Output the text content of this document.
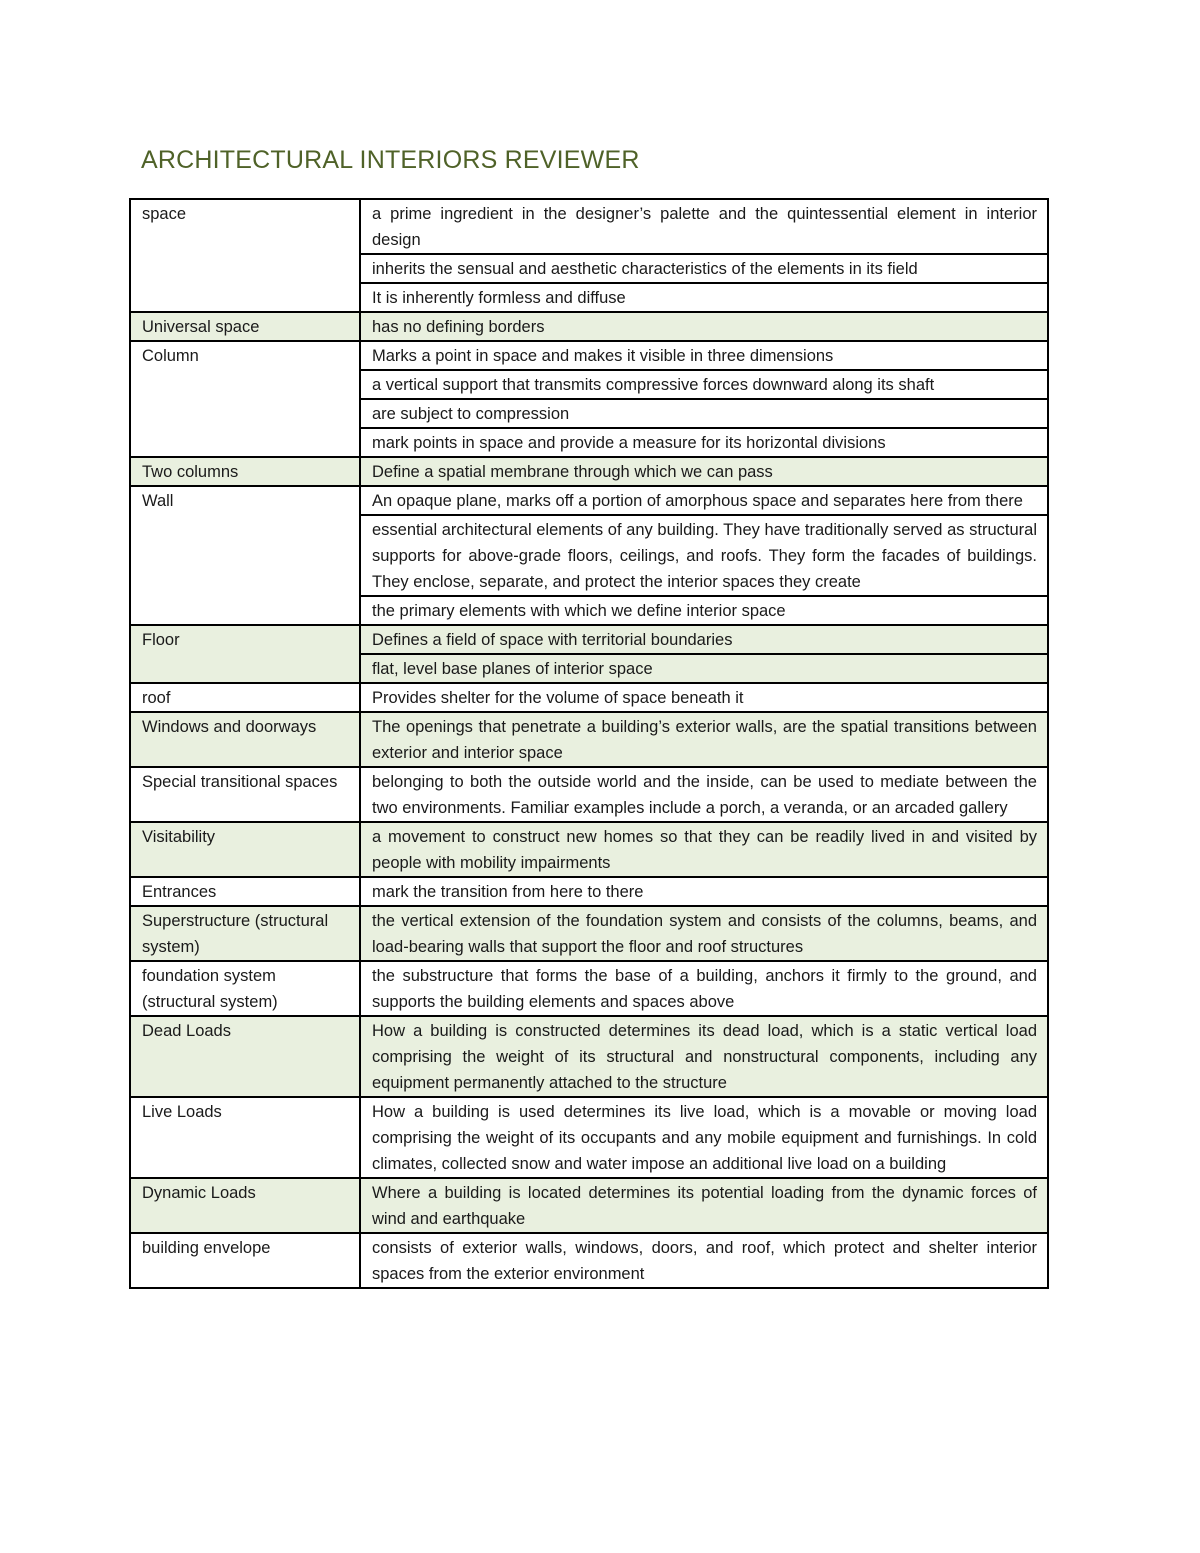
ARCHITECTURAL INTERIORS REVIEWER
space	a prime ingredient in the designer’s palette and the quintessential element in interior design
	inherits the sensual and aesthetic characteristics of the elements in its field
	It is inherently formless and diffuse
Universal space	has no defining borders
Column	Marks a point in space and makes it visible in three dimensions
	a vertical support that transmits compressive forces downward along its shaft
	are subject to compression
	mark points in space and provide a measure for its horizontal divisions
Two columns	Define a spatial membrane through which we can pass
Wall	An opaque plane, marks off a portion of amorphous space and separates here from there
	essential architectural elements of any building. They have traditionally served as structural supports for above-grade floors, ceilings, and roofs. They form the facades of buildings. They enclose, separate, and protect the interior spaces they create
	the primary elements with which we define interior space
Floor	Defines a field of space with territorial boundaries
	flat, level base planes of interior space
roof	Provides shelter for the volume of space beneath it
Windows and doorways	The openings that penetrate a building’s exterior walls, are the spatial transitions between exterior and interior space
Special transitional spaces	belonging to both the outside world and the inside, can be used to mediate between the two environments. Familiar examples include a porch, a veranda, or an arcaded gallery
Visitability	a movement to construct new homes so that they can be readily lived in and visited by people with mobility impairments
Entrances	mark the transition from here to there
Superstructure (structural system)	the vertical extension of the foundation system and consists of the columns, beams, and load-bearing walls that support the floor and roof structures
foundation system (structural system)	the substructure that forms the base of a building, anchors it firmly to the ground, and supports the building elements and spaces above
Dead Loads	How a building is constructed determines its dead load, which is a static vertical load comprising the weight of its structural and nonstructural components, including any equipment permanently attached to the structure
Live Loads	How a building is used determines its live load, which is a movable or moving load comprising the weight of its occupants and any mobile equipment and furnishings. In cold climates, collected snow and water impose an additional live load on a building
Dynamic Loads	Where a building is located determines its potential loading from the dynamic forces of wind and earthquake
building envelope	consists of exterior walls, windows, doors, and roof, which protect and shelter interior spaces from the exterior environment
